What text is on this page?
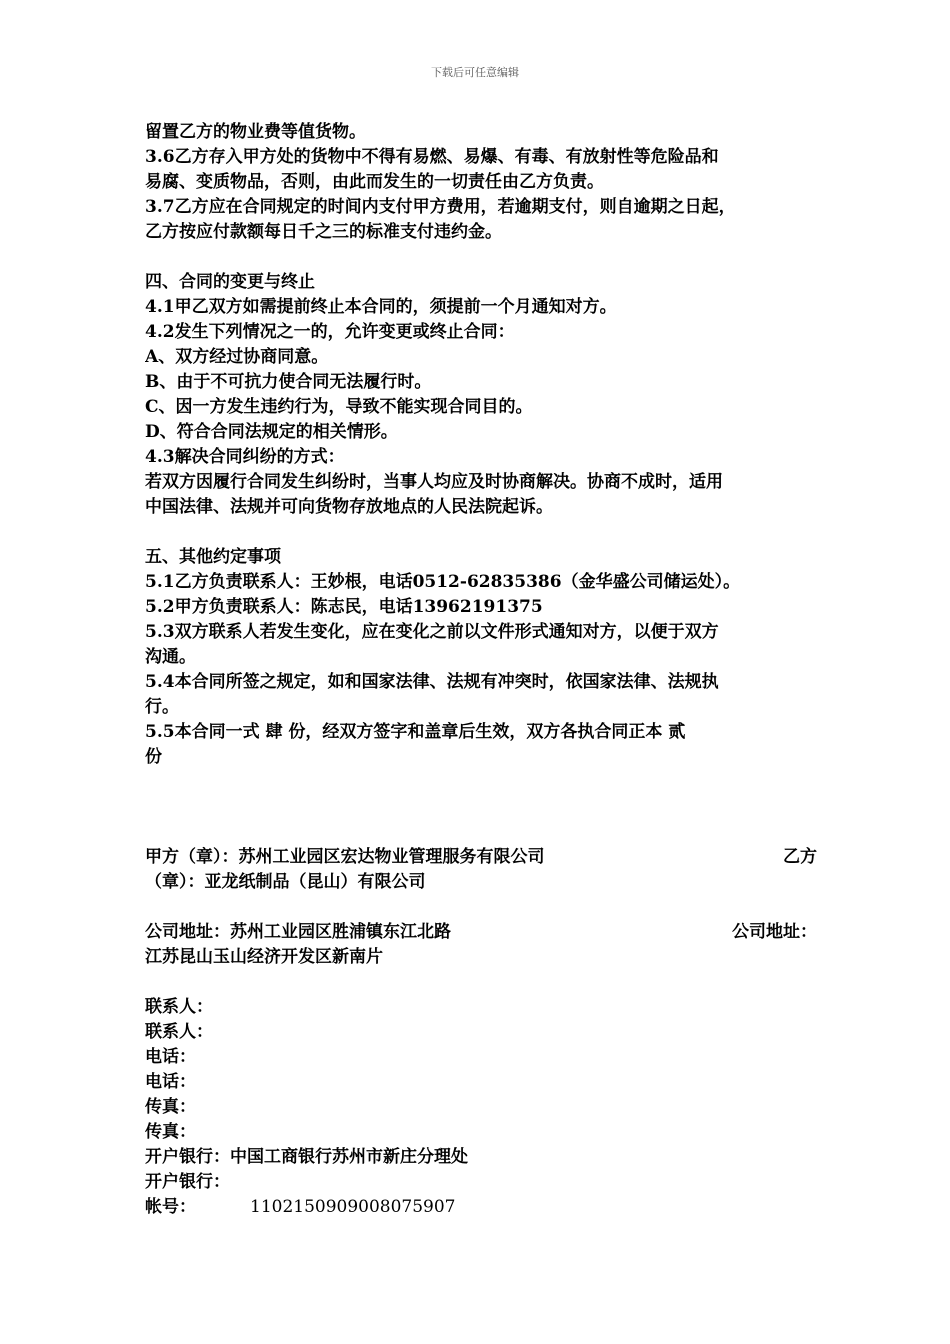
下载后可任意编辑
留置乙方的物业费等值货物。
3.6乙方存入甲方处的货物中不得有易燃、易爆、有毒、有放射性等危险品和
易腐、变质物品，否则，由此而发生的一切责任由乙方负责。
3.7乙方应在合同规定的时间内支付甲方费用，若逾期支付，则自逾期之日起，
乙方按应付款额每日千之三的标准支付违约金。
四、合同的变更与终止
4.1甲乙双方如需提前终止本合同的，须提前一个月通知对方。
4.2发生下列情况之一的，允许变更或终止合同：
A、双方经过协商同意。
B、由于不可抗力使合同无法履行时。
C、因一方发生违约行为，导致不能实现合同目的。
D、符合合同法规定的相关情形。
4.3解决合同纠纷的方式：
若双方因履行合同发生纠纷时，当事人均应及时协商解决。协商不成时，适用
中国法律、法规并可向货物存放地点的人民法院起诉。
五、其他约定事项
5.1乙方负责联系人：王妙根，电话0512-62835386（金华盛公司储运处）。
5.2甲方负责联系人：陈志民，电话13962191375
5.3双方联系人若发生变化，应在变化之前以文件形式通知对方，以便于双方
沟通。
5.4本合同所签之规定，如和国家法律、法规有冲突时，依国家法律、法规执
行。
5.5本合同一式 肆 份，经双方签字和盖章后生效，双方各执合同正本 贰
份
甲方（章）：苏州工业园区宏达物业管理服务有限公司	乙方
（章）：亚龙纸制品（昆山）有限公司
公司地址：苏州工业园区胜浦镇东江北路	公司地址：
江苏昆山玉山经济开发区新南片
联系人：
联系人：
电话：
电话：
传真：
传真：
开户银行：中国工商银行苏州市新庄分理处
开户银行：
帐号：	1102150909008075907
